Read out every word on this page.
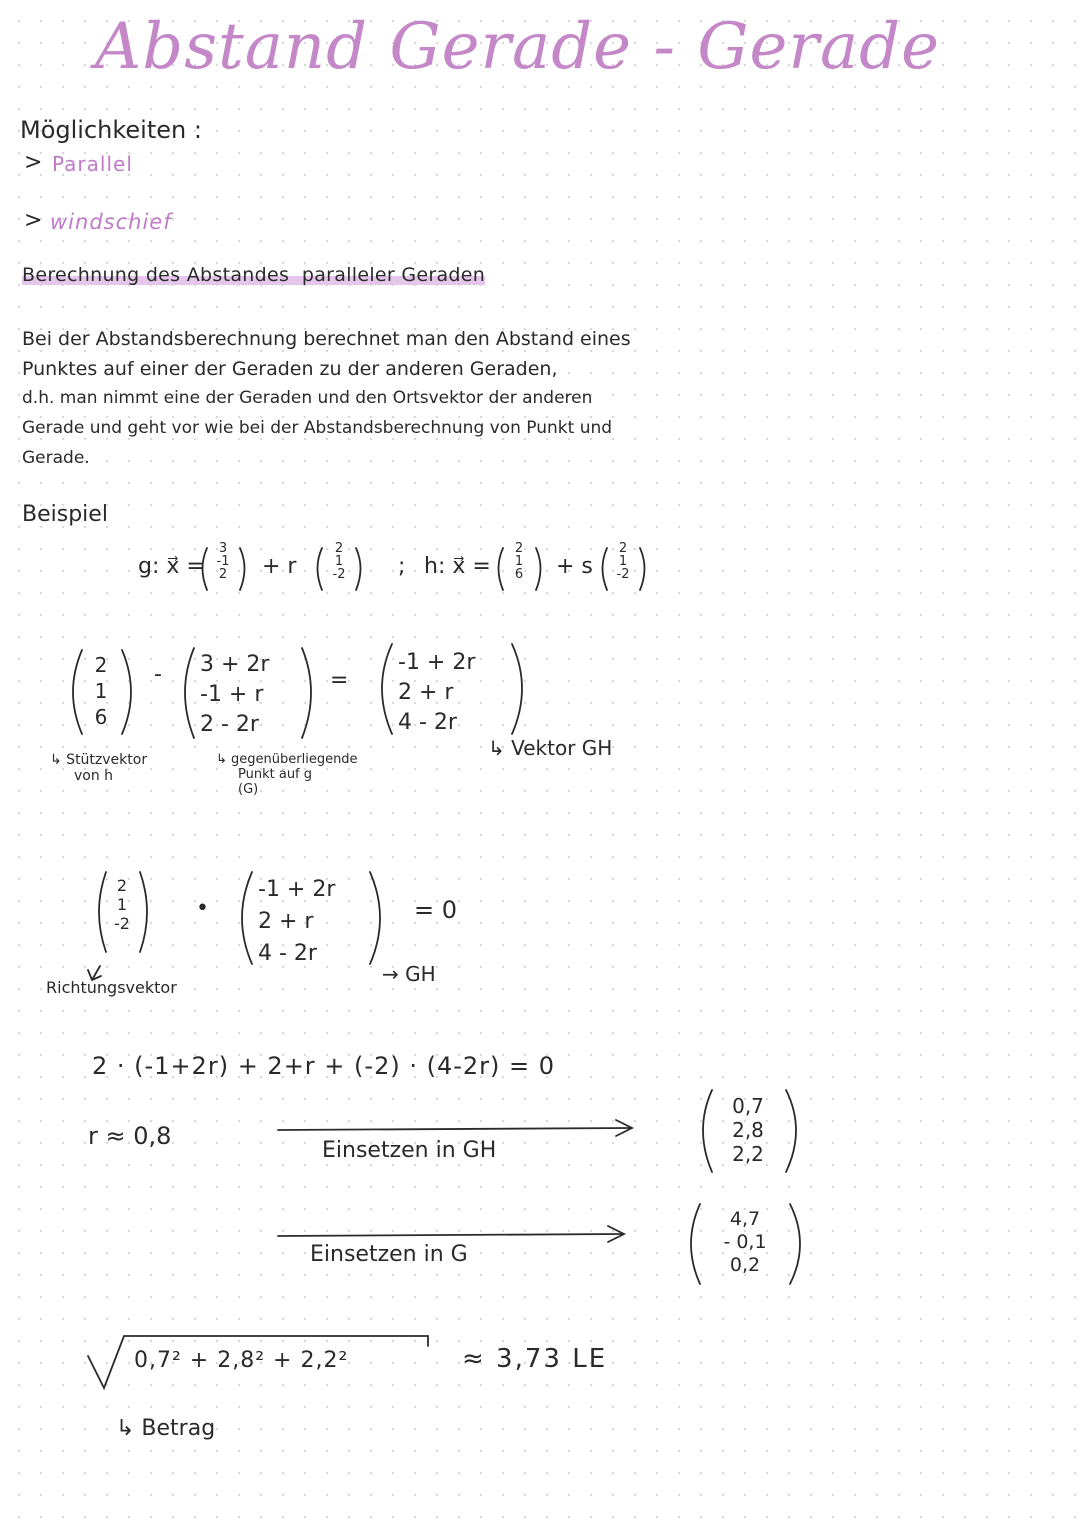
Abstand Gerade - Gerade
Möglichkeiten :
> Parallel
> windschief
Berechnung des Abstandes paralleler Geraden
Bei der Abstandsberechnung berechnet man den Abstand eines
Punktes auf einer der Geraden zu der anderen Geraden,
d.h. man nimmt eine der Geraden und den Ortsvektor der anderen
Gerade und geht vor wie bei der Abstandsberechnung von Punkt und
Gerade.
Beispiel
g: x⃗ =
3
-1
2	+ r
2
1
-2 ; h: x⃗ =
2
1
6	+ s
2
1
-2
2
1
6
- 3 + 2r
-1 + r
2 - 2r
=
-1 + 2r
2 + r
4 - 2r
↳ Stützvektor
von h
↳ gegenüberliegende
Punkt auf g
(G)
↳ Vektor GH
2
1
-2
•
-1 + 2r
2 + r
4 - 2r
= 0
Richtungsvektor
→ GH
2 · (-1+2r) + 2+r + (-2) · (4-2r) = 0
r ≈ 0,8
Einsetzen in GH
0,7
2,8
2,2
Einsetzen in G
4,7
- 0,1
0,2
0,7² + 2,8² + 2,2²	≈ 3,73 LE
↳ Betrag
